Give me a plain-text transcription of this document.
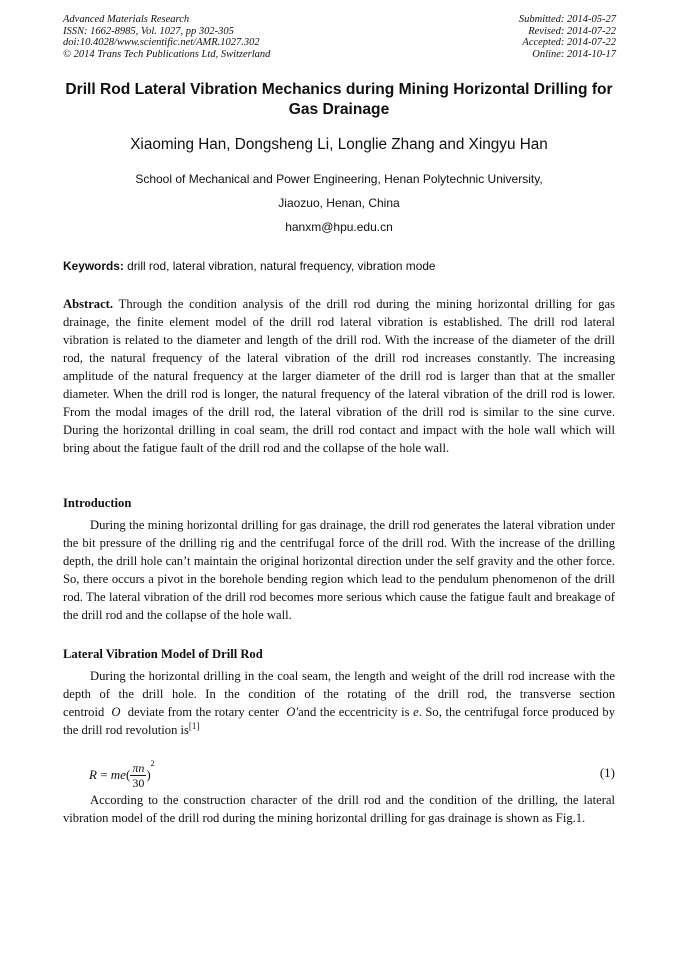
Advanced Materials Research
ISSN: 1662-8985, Vol. 1027, pp 302-305
doi:10.4028/www.scientific.net/AMR.1027.302
© 2014 Trans Tech Publications Ltd, Switzerland
Submitted: 2014-05-27
Revised: 2014-07-22
Accepted: 2014-07-22
Online: 2014-10-17
Drill Rod Lateral Vibration Mechanics during Mining Horizontal Drilling for Gas Drainage
Xiaoming Han, Dongsheng Li, Longlie Zhang and Xingyu Han
School of Mechanical and Power Engineering, Henan Polytechnic University,
Jiaozuo, Henan, China
hanxm@hpu.edu.cn
Keywords: drill rod, lateral vibration, natural frequency, vibration mode

Abstract. Through the condition analysis of the drill rod during the mining horizontal drilling for gas drainage, the finite element model of the drill rod lateral vibration is established. The drill rod lateral vibration is related to the diameter and length of the drill rod. With the increase of the diameter of the drill rod, the natural frequency of the lateral vibration of the drill rod increases constantly. The increasing amplitude of the natural frequency at the larger diameter of the drill rod is larger than that at the smaller diameter. When the drill rod is longer, the natural frequency of the lateral vibration of the drill rod is lower. From the modal images of the drill rod, the lateral vibration of the drill rod is similar to the sine curve. During the horizontal drilling in coal seam, the drill rod contact and impact with the hole wall which will bring about the fatigue fault of the drill rod and the collapse of the hole wall.

Introduction

During the mining horizontal drilling for gas drainage, the drill rod generates the lateral vibration under the bit pressure of the drilling rig and the centrifugal force of the drill rod. With the increase of the drilling depth, the drill hole can’t maintain the original horizontal direction under the self gravity and the other force. So, there occurs a pivot in the borehole bending region which lead to the pendulum phenomenon of the drill rod. The lateral vibration of the drill rod becomes more serious which cause the fatigue fault and breakage of the drill rod and the collapse of the hole wall.

Lateral Vibration Model of Drill Rod

During the horizontal drilling in the coal seam, the length and weight of the drill rod increase with the depth of the drill hole. In the condition of the rotating of the drill rod, the transverse section centroid O deviate from the rotary center O′and the eccentricity is e. So, the centrifugal force produced by the drill rod revolution is[1]

$R = me( \frac{\pi n}{30} )2$
(1)

According to the construction character of the drill rod and the condition of the drilling, the lateral vibration model of the drill rod during the mining horizontal drilling for gas drainage is shown as Fig.1.
